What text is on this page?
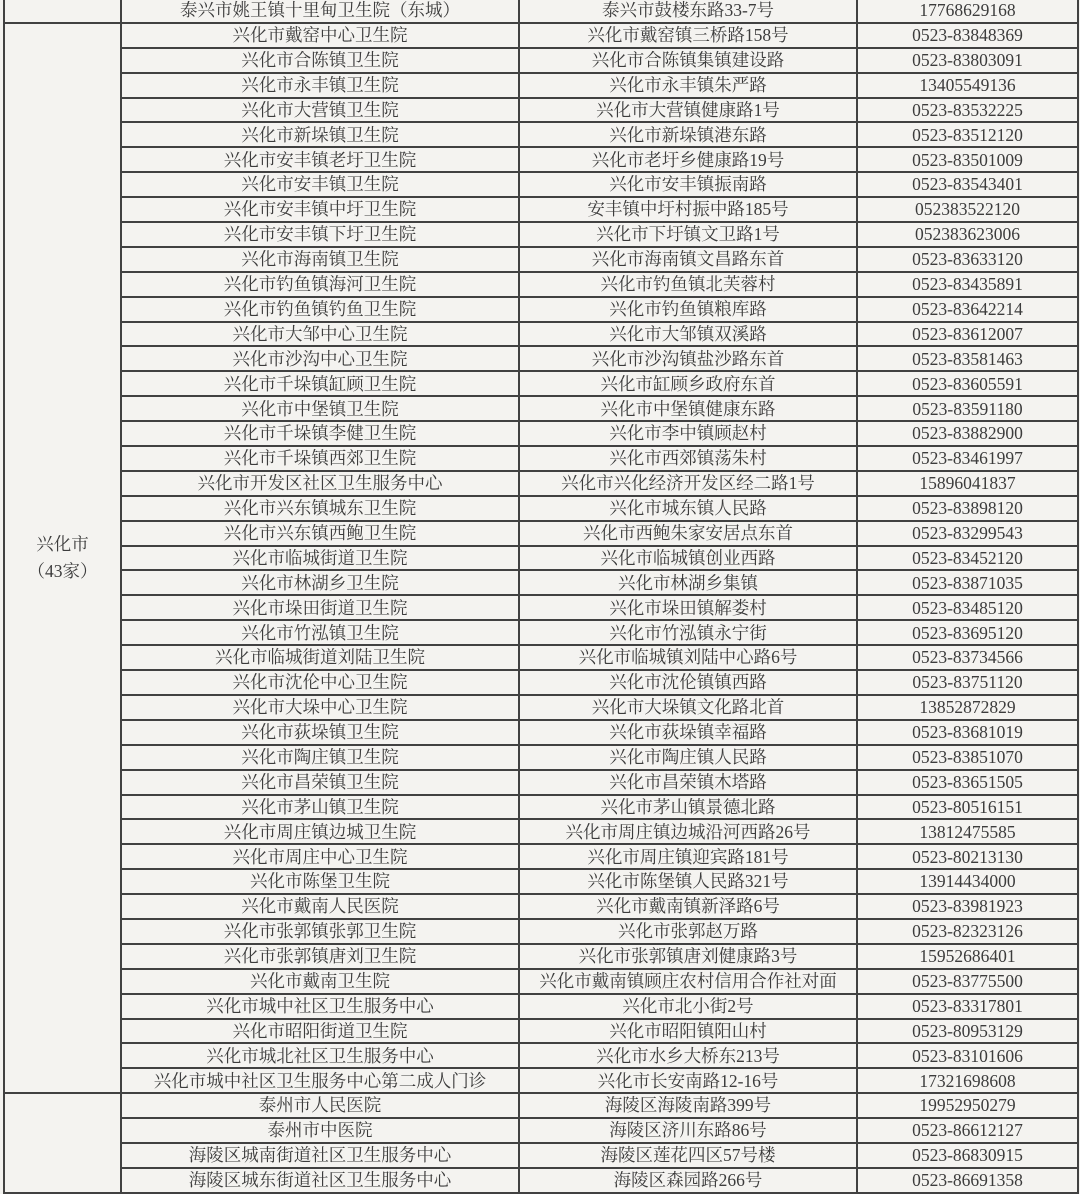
	泰兴市姚王镇十里甸卫生院（东城）	泰兴市鼓楼东路33-7号	17768629168

兴化市
（43家）	兴化市戴窑中心卫生院	兴化市戴窑镇三桥路158号	0523-83848369
	兴化市合陈镇卫生院	兴化市合陈镇集镇建设路	0523-83803091
	兴化市永丰镇卫生院	兴化市永丰镇朱严路	13405549136
	兴化市大营镇卫生院	兴化市大营镇健康路1号	0523-83532225
	兴化市新垛镇卫生院	兴化市新垛镇港东路	0523-83512120
	兴化市安丰镇老圩卫生院	兴化市老圩乡健康路19号	0523-83501009
	兴化市安丰镇卫生院	兴化市安丰镇振南路	0523-83543401
	兴化市安丰镇中圩卫生院	安丰镇中圩村振中路185号	052383522120
	兴化市安丰镇下圩卫生院	兴化市下圩镇文卫路1号	052383623006
	兴化市海南镇卫生院	兴化市海南镇文昌路东首	0523-83633120
	兴化市钓鱼镇海河卫生院	兴化市钓鱼镇北芙蓉村	0523-83435891
	兴化市钓鱼镇钓鱼卫生院	兴化市钓鱼镇粮库路	0523-83642214
	兴化市大邹中心卫生院	兴化市大邹镇双溪路	0523-83612007
	兴化市沙沟中心卫生院	兴化市沙沟镇盐沙路东首	0523-83581463
	兴化市千垛镇缸顾卫生院	兴化市缸顾乡政府东首	0523-83605591
	兴化市中堡镇卫生院	兴化市中堡镇健康东路	0523-83591180
	兴化市千垛镇李健卫生院	兴化市李中镇顾赵村	0523-83882900
	兴化市千垛镇西郊卫生院	兴化市西郊镇荡朱村	0523-83461997
	兴化市开发区社区卫生服务中心	兴化市兴化经济开发区经二路1号	15896041837
	兴化市兴东镇城东卫生院	兴化市城东镇人民路	0523-83898120
	兴化市兴东镇西鲍卫生院	兴化市西鲍朱家安居点东首	0523-83299543
	兴化市临城街道卫生院	兴化市临城镇创业西路	0523-83452120
	兴化市林湖乡卫生院	兴化市林湖乡集镇	0523-83871035
	兴化市垛田街道卫生院	兴化市垛田镇解娄村	0523-83485120
	兴化市竹泓镇卫生院	兴化市竹泓镇永宁街	0523-83695120
	兴化市临城街道刘陆卫生院	兴化市临城镇刘陆中心路6号	0523-83734566
	兴化市沈伦中心卫生院	兴化市沈伦镇镇西路	0523-83751120
	兴化市大垛中心卫生院	兴化市大垛镇文化路北首	13852872829
	兴化市荻垛镇卫生院	兴化市荻垛镇幸福路	0523-83681019
	兴化市陶庄镇卫生院	兴化市陶庄镇人民路	0523-83851070
	兴化市昌荣镇卫生院	兴化市昌荣镇木塔路	0523-83651505
	兴化市茅山镇卫生院	兴化市茅山镇景德北路	0523-80516151
	兴化市周庄镇边城卫生院	兴化市周庄镇边城沿河西路26号	13812475585
	兴化市周庄中心卫生院	兴化市周庄镇迎宾路181号	0523-80213130
	兴化市陈堡卫生院	兴化市陈堡镇人民路321号	13914434000
	兴化市戴南人民医院	兴化市戴南镇新泽路6号	0523-83981923
	兴化市张郭镇张郭卫生院	兴化市张郭赵万路	0523-82323126
	兴化市张郭镇唐刘卫生院	兴化市张郭镇唐刘健康路3号	15952686401
	兴化市戴南卫生院	兴化市戴南镇顾庄农村信用合作社对面	0523-83775500
	兴化市城中社区卫生服务中心	兴化市北小街2号	0523-83317801
	兴化市昭阳街道卫生院	兴化市昭阳镇阳山村	0523-80953129
	兴化市城北社区卫生服务中心	兴化市水乡大桥东213号	0523-83101606
	兴化市城中社区卫生服务中心第二成人门诊	兴化市长安南路12-16号	17321698608
	泰州市人民医院	海陵区海陵南路399号	19952950279
	泰州市中医院	海陵区济川东路86号	0523-86612127
	海陵区城南街道社区卫生服务中心	海陵区莲花四区57号楼	0523-86830915
	海陵区城东街道社区卫生服务中心	海陵区森园路266号	0523-86691358
